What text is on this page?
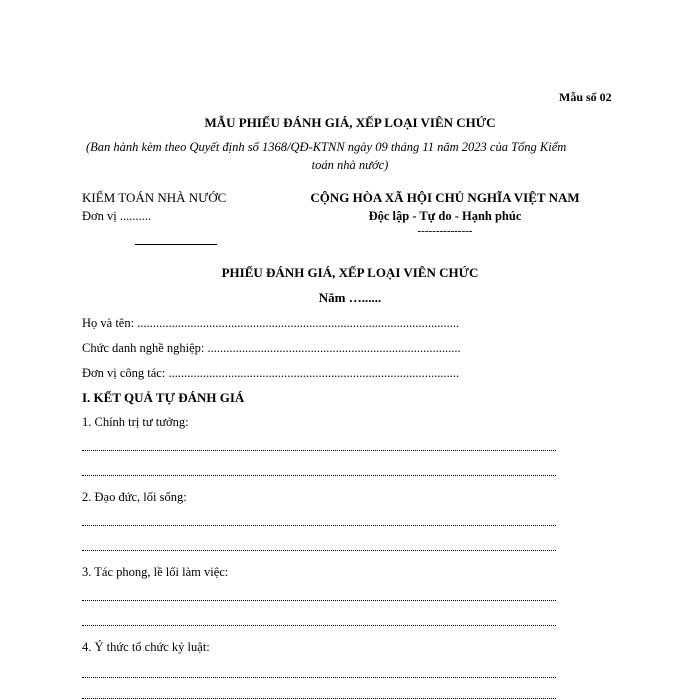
Mẫu số 02
MẪU PHIẾU ĐÁNH GIÁ, XẾP LOẠI VIÊN CHỨC
(Ban hành kèm theo Quyết định số 1368/QĐ-KTNN ngày 09 tháng 11 năm 2023 của Tổng Kiểm
toán nhà nước)
KIỂM TOÁN NHÀ NƯỚC
Đơn vị ..........
CỘNG HÒA XÃ HỘI CHỦ NGHĨA VIỆT NAM
Độc lập - Tự do - Hạnh phúc
---------------
PHIẾU ĐÁNH GIÁ, XẾP LOẠI VIÊN CHỨC
Năm …......
Họ và tên: .......................................................................................................
Chức danh nghề nghiệp: .................................................................................
Đơn vị công tác: .............................................................................................
I. KẾT QUẢ TỰ ĐÁNH GIÁ
1. Chính trị tư tưởng:
2. Đạo đức, lối sống:
3. Tác phong, lề lối làm việc:
4. Ý thức tổ chức kỷ luật:
